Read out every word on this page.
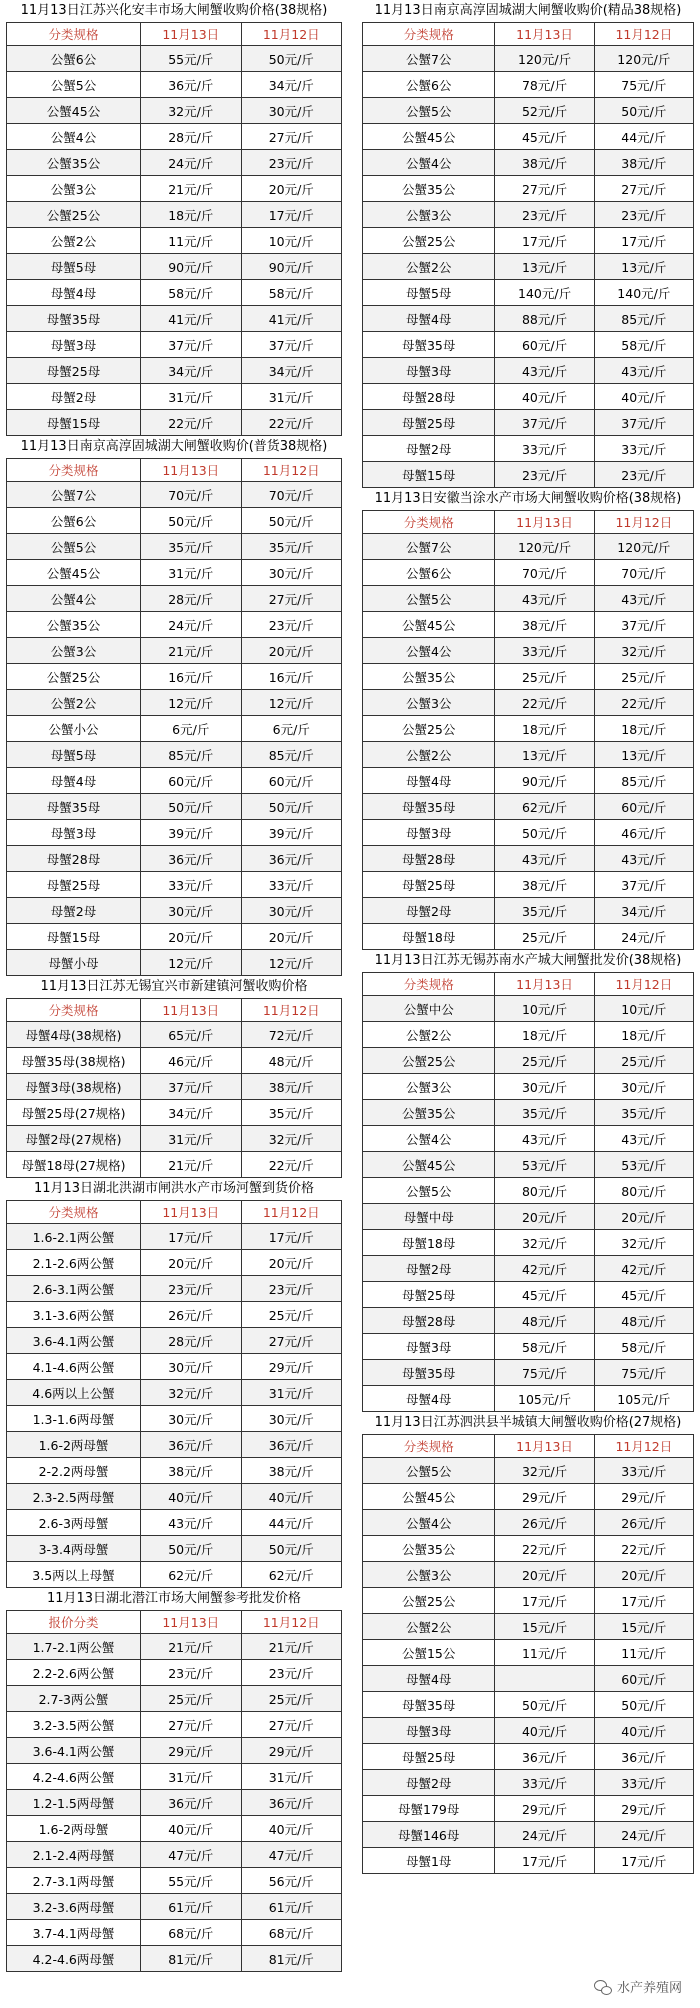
11月13日江苏兴化安丰市场大闸蟹收购价格(38规格)
分类规格	11月13日	11月12日
公蟹6公	55元/斤	50元/斤
公蟹5公	36元/斤	34元/斤
公蟹45公	32元/斤	30元/斤
公蟹4公	28元/斤	27元/斤
公蟹35公	24元/斤	23元/斤
公蟹3公	21元/斤	20元/斤
公蟹25公	18元/斤	17元/斤
公蟹2公	11元/斤	10元/斤
母蟹5母	90元/斤	90元/斤
母蟹4母	58元/斤	58元/斤
母蟹35母	41元/斤	41元/斤
母蟹3母	37元/斤	37元/斤
母蟹25母	34元/斤	34元/斤
母蟹2母	31元/斤	31元/斤
母蟹15母	22元/斤	22元/斤
11月13日南京高淳固城湖大闸蟹收购价(普货38规格)
分类规格	11月13日	11月12日
公蟹7公	70元/斤	70元/斤
公蟹6公	50元/斤	50元/斤
公蟹5公	35元/斤	35元/斤
公蟹45公	31元/斤	30元/斤
公蟹4公	28元/斤	27元/斤
公蟹35公	24元/斤	23元/斤
公蟹3公	21元/斤	20元/斤
公蟹25公	16元/斤	16元/斤
公蟹2公	12元/斤	12元/斤
公蟹小公	6元/斤	6元/斤
母蟹5母	85元/斤	85元/斤
母蟹4母	60元/斤	60元/斤
母蟹35母	50元/斤	50元/斤
母蟹3母	39元/斤	39元/斤
母蟹28母	36元/斤	36元/斤
母蟹25母	33元/斤	33元/斤
母蟹2母	30元/斤	30元/斤
母蟹15母	20元/斤	20元/斤
母蟹小母	12元/斤	12元/斤
11月13日江苏无锡宜兴市新建镇河蟹收购价格
分类规格	11月13日	11月12日
母蟹4母(38规格)	65元/斤	72元/斤
母蟹35母(38规格)	46元/斤	48元/斤
母蟹3母(38规格)	37元/斤	38元/斤
母蟹25母(27规格)	34元/斤	35元/斤
母蟹2母(27规格)	31元/斤	32元/斤
母蟹18母(27规格)	21元/斤	22元/斤
11月13日湖北洪湖市闸洪水产市场河蟹到货价格
分类规格	11月13日	11月12日
1.6-2.1两公蟹	17元/斤	17元/斤
2.1-2.6两公蟹	20元/斤	20元/斤
2.6-3.1两公蟹	23元/斤	23元/斤
3.1-3.6两公蟹	26元/斤	25元/斤
3.6-4.1两公蟹	28元/斤	27元/斤
4.1-4.6两公蟹	30元/斤	29元/斤
4.6两以上公蟹	32元/斤	31元/斤
1.3-1.6两母蟹	30元/斤	30元/斤
1.6-2两母蟹	36元/斤	36元/斤
2-2.2两母蟹	38元/斤	38元/斤
2.3-2.5两母蟹	40元/斤	40元/斤
2.6-3两母蟹	43元/斤	44元/斤
3-3.4两母蟹	50元/斤	50元/斤
3.5两以上母蟹	62元/斤	62元/斤
11月13日湖北潜江市场大闸蟹参考批发价格
报价分类	11月13日	11月12日
1.7-2.1两公蟹	21元/斤	21元/斤
2.2-2.6两公蟹	23元/斤	23元/斤
2.7-3两公蟹	25元/斤	25元/斤
3.2-3.5两公蟹	27元/斤	27元/斤
3.6-4.1两公蟹	29元/斤	29元/斤
4.2-4.6两公蟹	31元/斤	31元/斤
1.2-1.5两母蟹	36元/斤	36元/斤
1.6-2两母蟹	40元/斤	40元/斤
2.1-2.4两母蟹	47元/斤	47元/斤
2.7-3.1两母蟹	55元/斤	56元/斤
3.2-3.6两母蟹	61元/斤	61元/斤
3.7-4.1两母蟹	68元/斤	68元/斤
4.2-4.6两母蟹	81元/斤	81元/斤
11月13日南京高淳固城湖大闸蟹收购价(精品38规格)
分类规格	11月13日	11月12日
公蟹7公	120元/斤	120元/斤
公蟹6公	78元/斤	75元/斤
公蟹5公	52元/斤	50元/斤
公蟹45公	45元/斤	44元/斤
公蟹4公	38元/斤	38元/斤
公蟹35公	27元/斤	27元/斤
公蟹3公	23元/斤	23元/斤
公蟹25公	17元/斤	17元/斤
公蟹2公	13元/斤	13元/斤
母蟹5母	140元/斤	140元/斤
母蟹4母	88元/斤	85元/斤
母蟹35母	60元/斤	58元/斤
母蟹3母	43元/斤	43元/斤
母蟹28母	40元/斤	40元/斤
母蟹25母	37元/斤	37元/斤
母蟹2母	33元/斤	33元/斤
母蟹15母	23元/斤	23元/斤
11月13日安徽当涂水产市场大闸蟹收购价格(38规格)
分类规格	11月13日	11月12日
公蟹7公	120元/斤	120元/斤
公蟹6公	70元/斤	70元/斤
公蟹5公	43元/斤	43元/斤
公蟹45公	38元/斤	37元/斤
公蟹4公	33元/斤	32元/斤
公蟹35公	25元/斤	25元/斤
公蟹3公	22元/斤	22元/斤
公蟹25公	18元/斤	18元/斤
公蟹2公	13元/斤	13元/斤
母蟹4母	90元/斤	85元/斤
母蟹35母	62元/斤	60元/斤
母蟹3母	50元/斤	46元/斤
母蟹28母	43元/斤	43元/斤
母蟹25母	38元/斤	37元/斤
母蟹2母	35元/斤	34元/斤
母蟹18母	25元/斤	24元/斤
11月13日江苏无锡苏南水产城大闸蟹批发价(38规格)
分类规格	11月13日	11月12日
公蟹中公	10元/斤	10元/斤
公蟹2公	18元/斤	18元/斤
公蟹25公	25元/斤	25元/斤
公蟹3公	30元/斤	30元/斤
公蟹35公	35元/斤	35元/斤
公蟹4公	43元/斤	43元/斤
公蟹45公	53元/斤	53元/斤
公蟹5公	80元/斤	80元/斤
母蟹中母	20元/斤	20元/斤
母蟹18母	32元/斤	32元/斤
母蟹2母	42元/斤	42元/斤
母蟹25母	45元/斤	45元/斤
母蟹28母	48元/斤	48元/斤
母蟹3母	58元/斤	58元/斤
母蟹35母	75元/斤	75元/斤
母蟹4母	105元/斤	105元/斤
11月13日江苏泗洪县半城镇大闸蟹收购价格(27规格)
分类规格	11月13日	11月12日
公蟹5公	32元/斤	33元/斤
公蟹45公	29元/斤	29元/斤
公蟹4公	26元/斤	26元/斤
公蟹35公	22元/斤	22元/斤
公蟹3公	20元/斤	20元/斤
公蟹25公	17元/斤	17元/斤
公蟹2公	15元/斤	15元/斤
公蟹15公	11元/斤	11元/斤
母蟹4母		60元/斤
母蟹35母	50元/斤	50元/斤
母蟹3母	40元/斤	40元/斤
母蟹25母	36元/斤	36元/斤
母蟹2母	33元/斤	33元/斤
母蟹179母	29元/斤	29元/斤
母蟹146母	24元/斤	24元/斤
母蟹1母	17元/斤	17元/斤
水产养殖网
